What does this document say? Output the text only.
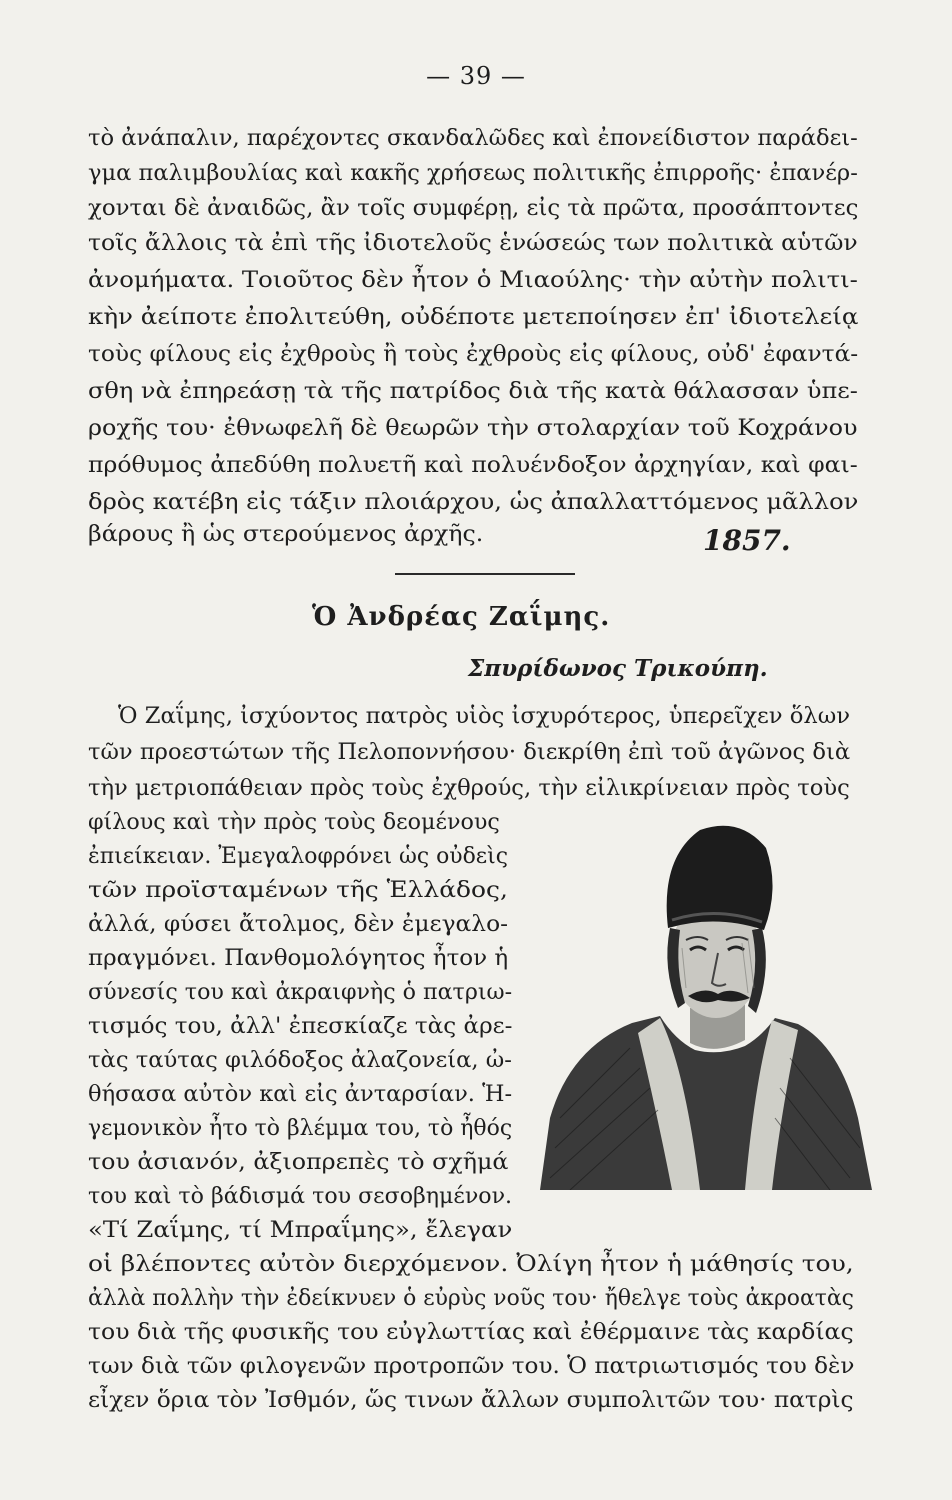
— 39 —
τὸ ἀνάπαλιν, παρέχοντες σκανδαλῶδες καὶ ἐπονείδιστον παράδει-
γμα παλιμβουλίας καὶ κακῆς χρήσεως πολιτικῆς ἐπιρροῆς· ἐπανέρ-
χονται δὲ ἀναιδῶς, ἂν τοῖς συμφέρῃ, εἰς τὰ πρῶτα, προσάπτοντες
τοῖς ἄλλοις τὰ ἐπὶ τῆς ἰδιοτελοῦς ἑνώσεώς των πολιτικὰ αὑτῶν
ἀνομήματα. Τοιοῦτος δὲν ἦτον ὁ Μιαούλης· τὴν αὐτὴν πολιτι-
κὴν ἀείποτε ἐπολιτεύθη, οὐδέποτε μετεποίησεν ἐπ' ἰδιοτελείᾳ
τοὺς φίλους εἰς ἐχθροὺς ἢ τοὺς ἐχθροὺς εἰς φίλους, οὐδ' ἐφαντά-
σθη νὰ ἐπηρεάσῃ τὰ τῆς πατρίδος διὰ τῆς κατὰ θάλασσαν ὑπε-
ροχῆς του· ἐθνωφελῆ δὲ θεωρῶν τὴν στολαρχίαν τοῦ Κοχράνου
πρόθυμος ἀπεδύθη πολυετῆ καὶ πολυένδοξον ἀρχηγίαν, καὶ φαι-
δρὸς κατέβη εἰς τάξιν πλοιάρχου, ὡς ἀπαλλαττόμενος μᾶλλον
βάρους ἢ ὡς στερούμενος ἀρχῆς.	1857.
Ὁ Ἀνδρέας Ζαΐμης.
Σπυρίδωνος Τρικούπη.
Ὁ Ζαΐμης, ἰσχύοντος πατρὸς υἱὸς ἰσχυρότερος, ὑπερεῖχεν ὅλων
τῶν προεστώτων τῆς Πελοποννήσου· διεκρίθη ἐπὶ τοῦ ἀγῶνος διὰ
τὴν μετριοπάθειαν πρὸς τοὺς ἐχθρούς, τὴν εἰλικρίνειαν πρὸς τοὺς
φίλους καὶ τὴν πρὸς τοὺς δεομένους
ἐπιείκειαν. Ἐμεγαλοφρόνει ὡς οὐδεὶς
τῶν προϊσταμένων τῆς Ἑλλάδος,
ἀλλά, φύσει ἄτολμος, δὲν ἐμεγαλο-
πραγμόνει. Πανθομολόγητος ἦτον ἡ
σύνεσίς του καὶ ἀκραιφνὴς ὁ πατριω-
τισμός του, ἀλλ' ἐπεσκίαζε τὰς ἀρε-
τὰς ταύτας φιλόδοξος ἀλαζονεία, ὠ-
θήσασα αὐτὸν καὶ εἰς ἀνταρσίαν. Ἡ-
γεμονικὸν ἦτο τὸ βλέμμα του, τὸ ἦθός
του ἀσιανόν, ἀξιοπρεπὲς τὸ σχῆμά
του καὶ τὸ βάδισμά του σεσοβημένον.
«Τί Ζαΐμης, τί Μπραΐμης», ἔλεγαν
οἱ βλέποντες αὐτὸν διερχόμενον. Ὀλίγη ἦτον ἡ μάθησίς του,
ἀλλὰ πολλὴν τὴν ἐδείκνυεν ὁ εὐρὺς νοῦς του· ἤθελγε τοὺς ἀκροατὰς
του διὰ τῆς φυσικῆς του εὐγλωττίας καὶ ἐθέρμαινε τὰς καρδίας
των διὰ τῶν φιλογενῶν προτροπῶν του. Ὁ πατριωτισμός του δὲν
εἶχεν ὅρια τὸν Ἰσθμόν, ὥς τινων ἄλλων συμπολιτῶν του· πατρὶς
